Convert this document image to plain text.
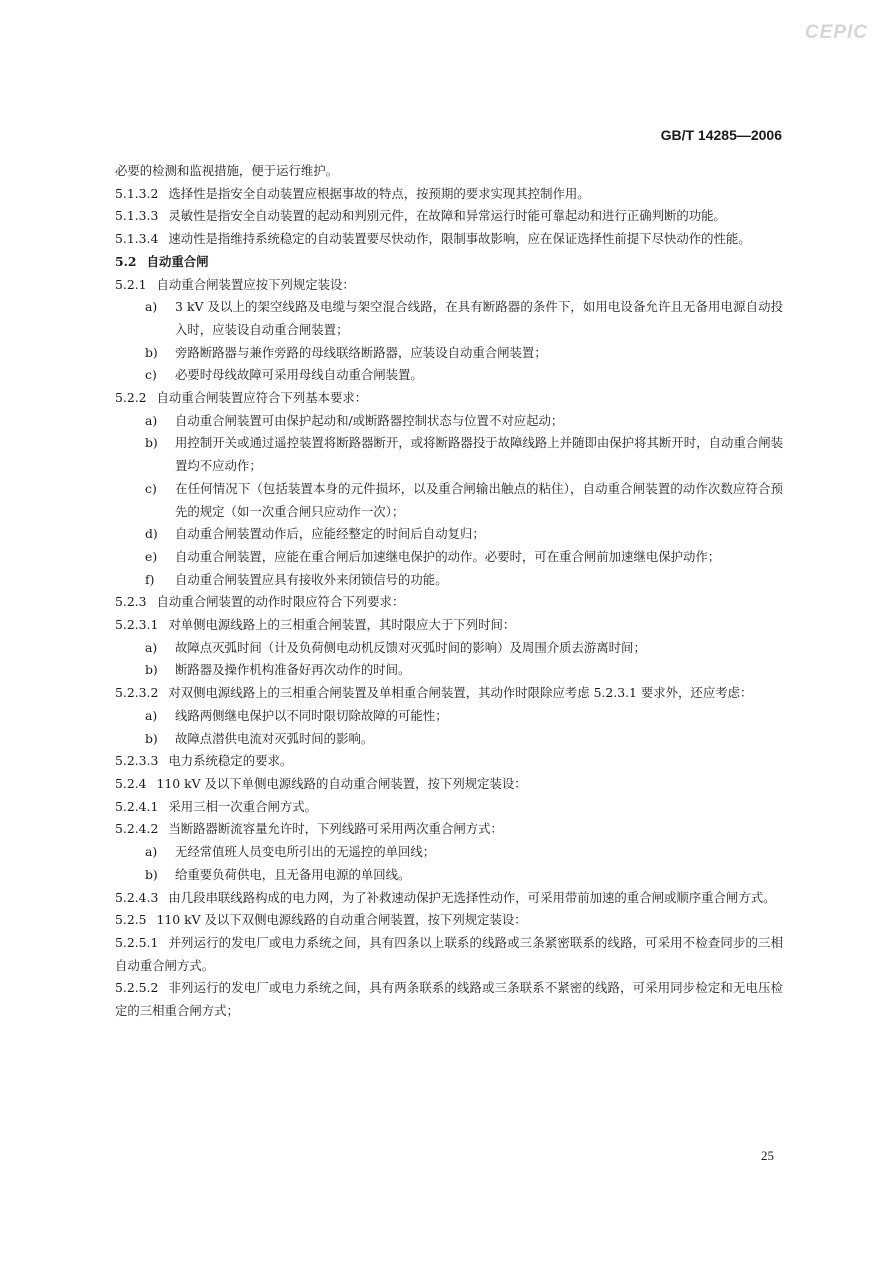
CEPIC
GB/T 14285—2006

必要的检测和监视措施，便于运行维护。

5.1.3.2 选择性是指安全自动装置应根据事故的特点，按预期的要求实现其控制作用。

5.1.3.3 灵敏性是指安全自动装置的起动和判别元件，在故障和异常运行时能可靠起动和进行正确判断的功能。

5.1.3.4 速动性是指维持系统稳定的自动装置要尽快动作，限制事故影响，应在保证选择性前提下尽快动作的性能。

5.2 自动重合闸

5.2.1 自动重合闸装置应按下列规定装设：

a) 3 kV 及以上的架空线路及电缆与架空混合线路，在具有断路器的条件下，如用电设备允许且无备用电源自动投入时，应装设自动重合闸装置；

b) 旁路断路器与兼作旁路的母线联络断路器，应装设自动重合闸装置；

c) 必要时母线故障可采用母线自动重合闸装置。

5.2.2 自动重合闸装置应符合下列基本要求：

a) 自动重合闸装置可由保护起动和/或断路器控制状态与位置不对应起动；

b) 用控制开关或通过遥控装置将断路器断开，或将断路器投于故障线路上并随即由保护将其断开时，自动重合闸装置均不应动作；

c) 在任何情况下（包括装置本身的元件损坏，以及重合闸输出触点的粘住），自动重合闸装置的动作次数应符合预先的规定（如一次重合闸只应动作一次）；

d) 自动重合闸装置动作后，应能经整定的时间后自动复归；

e) 自动重合闸装置，应能在重合闸后加速继电保护的动作。必要时，可在重合闸前加速继电保护动作；

f) 自动重合闸装置应具有接收外来闭锁信号的功能。

5.2.3 自动重合闸装置的动作时限应符合下列要求：

5.2.3.1 对单侧电源线路上的三相重合闸装置，其时限应大于下列时间：

a) 故障点灭弧时间（计及负荷侧电动机反馈对灭弧时间的影响）及周围介质去游离时间；

b) 断路器及操作机构准备好再次动作的时间。

5.2.3.2 对双侧电源线路上的三相重合闸装置及单相重合闸装置，其动作时限除应考虑 5.2.3.1 要求外，还应考虑：

a) 线路两侧继电保护以不同时限切除故障的可能性；

b) 故障点潜供电流对灭弧时间的影响。

5.2.3.3 电力系统稳定的要求。

5.2.4 110 kV 及以下单侧电源线路的自动重合闸装置，按下列规定装设：

5.2.4.1 采用三相一次重合闸方式。

5.2.4.2 当断路器断流容量允许时，下列线路可采用两次重合闸方式：

a) 无经常值班人员变电所引出的无遥控的单回线；

b) 给重要负荷供电，且无备用电源的单回线。

5.2.4.3 由几段串联线路构成的电力网，为了补救速动保护无选择性动作，可采用带前加速的重合闸或顺序重合闸方式。

5.2.5 110 kV 及以下双侧电源线路的自动重合闸装置，按下列规定装设：

5.2.5.1 并列运行的发电厂或电力系统之间，具有四条以上联系的线路或三条紧密联系的线路，可采用不检查同步的三相自动重合闸方式。

5.2.5.2 非列运行的发电厂或电力系统之间，具有两条联系的线路或三条联系不紧密的线路，可采用同步检定和无电压检定的三相重合闸方式；

25
